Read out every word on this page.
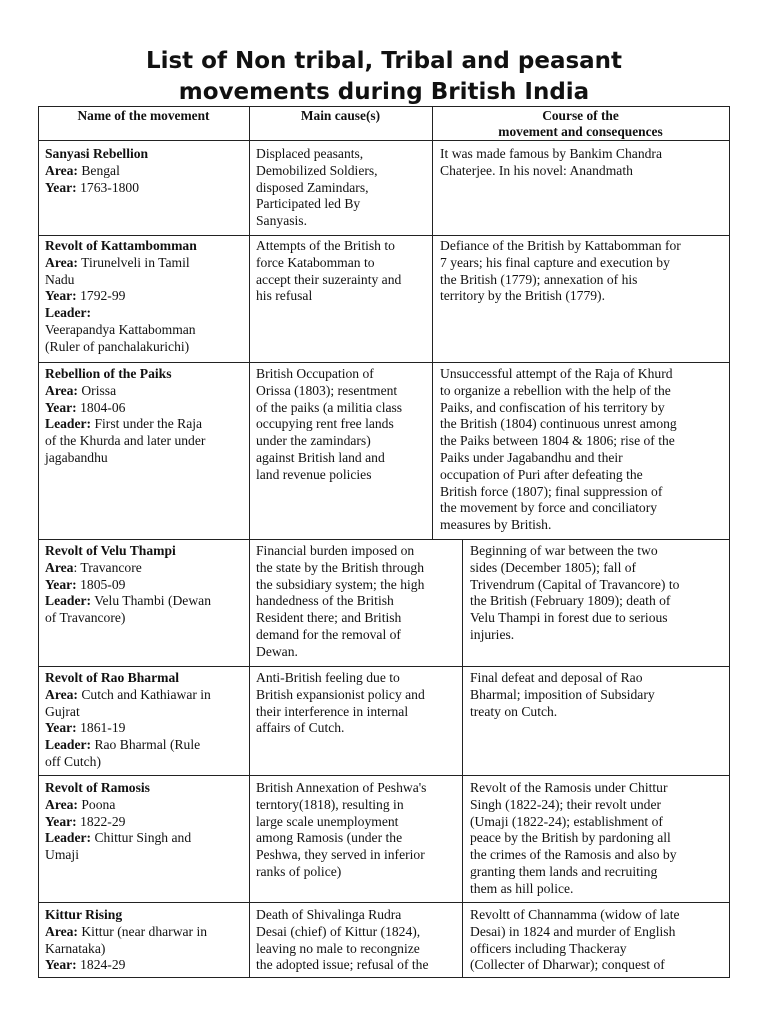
List of Non tribal, Tribal and peasant
movements during British India
Name of the movement	Main cause(s)	Course of the
movement and consequences
Sanyasi Rebellion
Area: Bengal
Year: 1763-1800
Displaced peasants,
Demobilized Soldiers,
disposed Zamindars,
Participated led By
Sanyasis.
It was made famous by Bankim Chandra
Chaterjee. In his novel: Anandmath
Revolt of Kattambomman
Area: Tirunelveli in Tamil
Nadu
Year: 1792-99
Leader:
Veerapandya Kattabomman
(Ruler of panchalakurichi)
Attempts of the British to
force Katabomman to
accept their suzerainty and
his refusal
Defiance of the British by Kattabomman for
7 years; his final capture and execution by
the British (1779); annexation of his
territory by the British (1779).
Rebellion of the Paiks
Area: Orissa
Year: 1804-06
Leader: First under the Raja
of the Khurda and later under
jagabandhu
British Occupation of
Orissa (1803); resentment
of the paiks (a militia class
occupying rent free lands
under the zamindars)
against British land and
land revenue policies
Unsuccessful attempt of the Raja of Khurd
to organize a rebellion with the help of the
Paiks, and confiscation of his territory by
the British (1804) continuous unrest among
the Paiks between 1804 & 1806; rise of the
Paiks under Jagabandhu and their
occupation of Puri after defeating the
British force (1807); final suppression of
the movement by force and conciliatory
measures by British.
Revolt of Velu Thampi
Area: Travancore
Year: 1805-09
Leader: Velu Thambi (Dewan
of Travancore)
Financial burden imposed on
the state by the British through
the subsidiary system; the high
handedness of the British
Resident there; and British
demand for the removal of
Dewan.
Beginning of war between the two
sides (December 1805); fall of
Trivendrum (Capital of Travancore) to
the British (February 1809); death of
Velu Thampi in forest due to serious
injuries.
Revolt of Rao Bharmal
Area: Cutch and Kathiawar in
Gujrat
Year: 1861-19
Leader: Rao Bharmal (Rule
off Cutch)
Anti-British feeling due to
British expansionist policy and
their interference in internal
affairs of Cutch.
Final defeat and deposal of Rao
Bharmal; imposition of Subsidary
treaty on Cutch.
Revolt of Ramosis
Area: Poona
Year: 1822-29
Leader: Chittur Singh and
Umaji
British Annexation of Peshwa's
terntory(1818), resulting in
large scale unemployment
among Ramosis (under the
Peshwa, they served in inferior
ranks of police)
Revolt of the Ramosis under Chittur
Singh (1822-24); their revolt under
(Umaji (1822-24); establishment of
peace by the British by pardoning all
the crimes of the Ramosis and also by
granting them lands and recruiting
them as hill police.
Kittur Rising
Area: Kittur (near dharwar in
Karnataka)
Year: 1824-29
Death of Shivalinga Rudra
Desai (chief) of Kittur (1824),
leaving no male to recongnize
the adopted issue; refusal of the
Revoltt of Channamma (widow of late
Desai) in 1824 and murder of English
officers including Thackeray
(Collecter of Dharwar); conquest of
